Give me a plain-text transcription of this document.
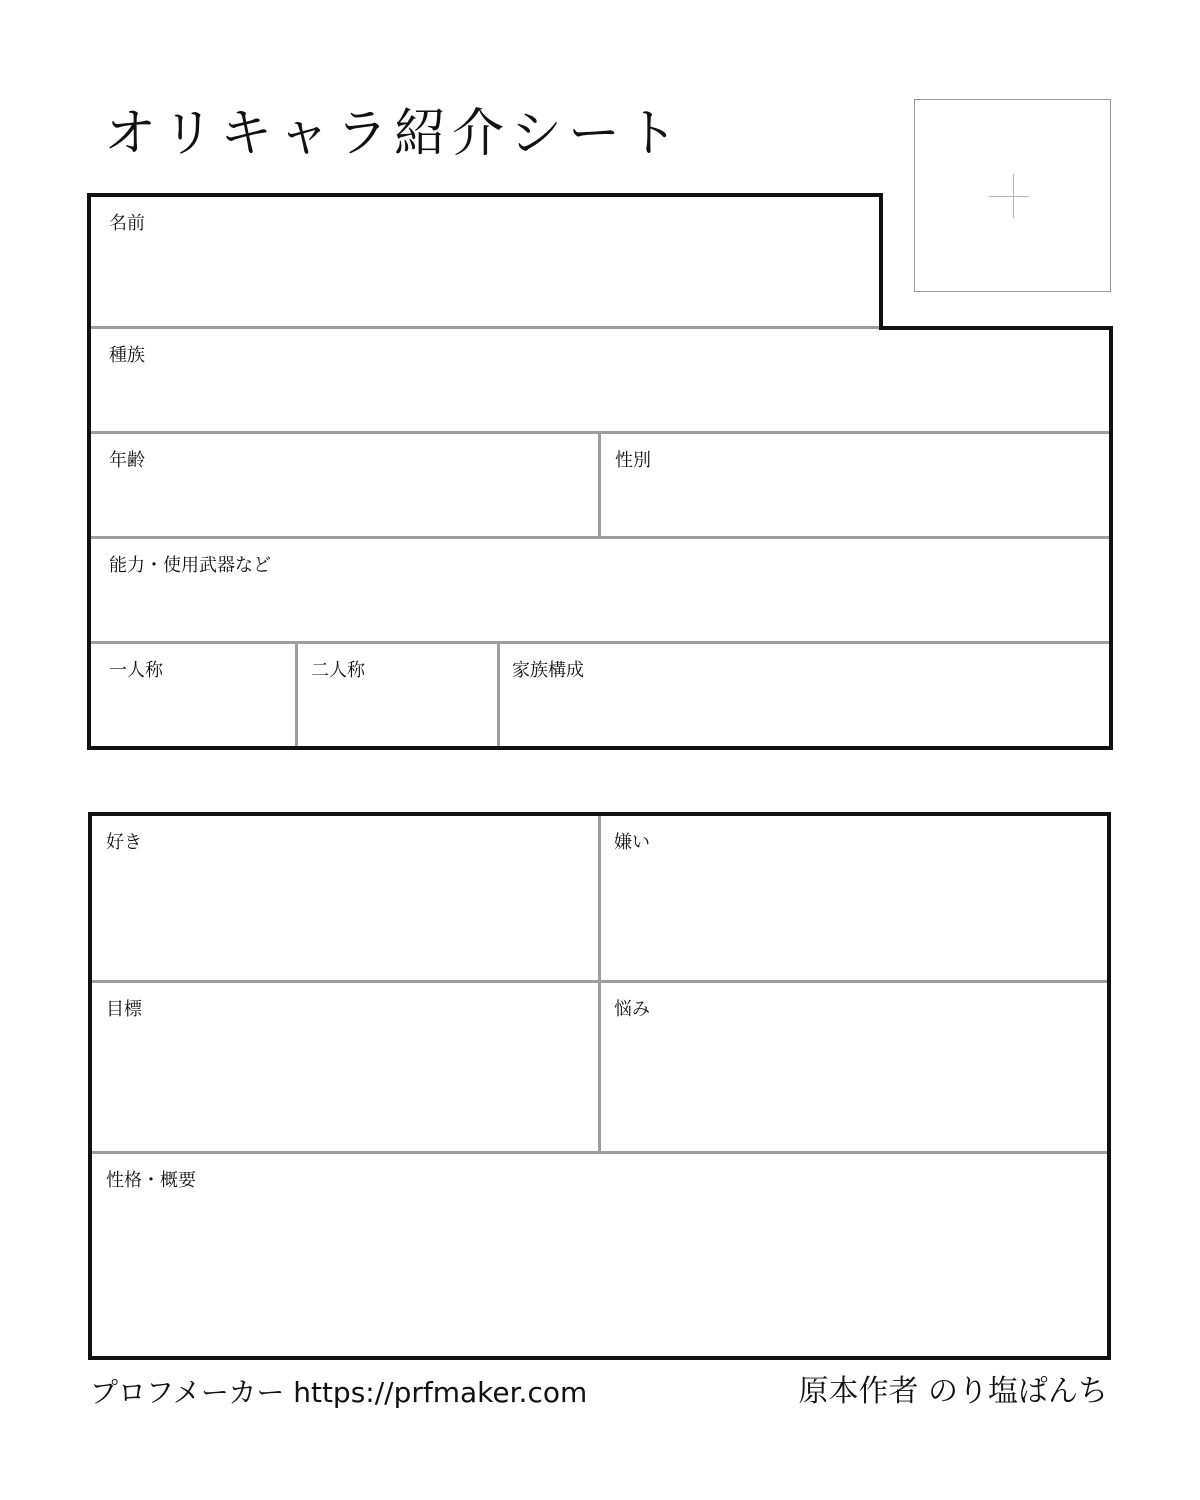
オリキャラ紹介シート
名前
種族
年齢	性別
能力・使用武器など
一人称	二人称	家族構成
好き	嫌い
目標	悩み
性格・概要
プロフメーカー https://prfmaker.com	原本作者 のり塩ぱんち
